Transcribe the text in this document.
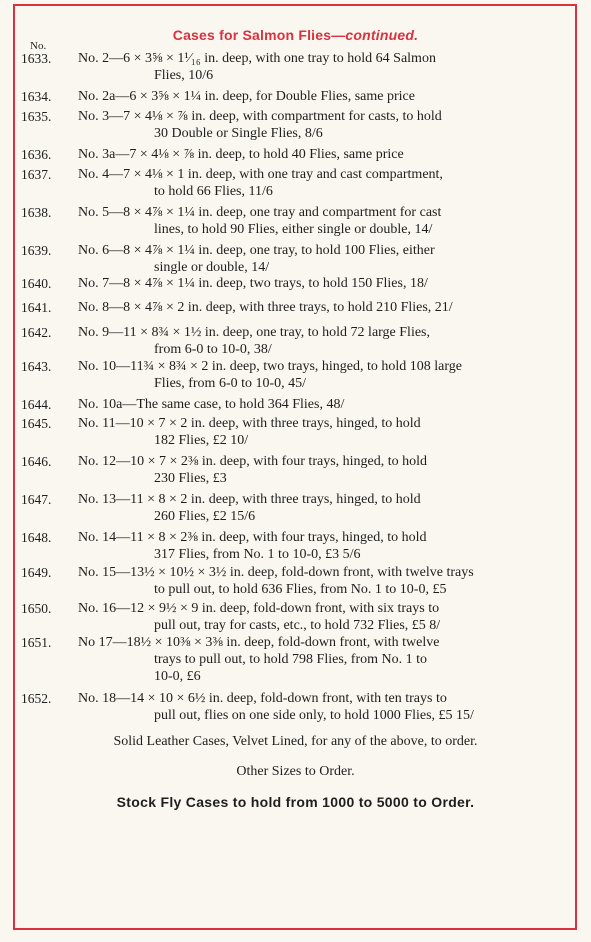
Cases for Salmon Flies—continued.
No.
1633. No. 2—6 × 3⅝ × 1¹⁄₁₆ in. deep, with one tray to hold 64 Salmon
Flies, 10/6
1634. No. 2a—6 × 3⅝ × 1¼ in. deep, for Double Flies, same price
1635. No. 3—7 × 4⅛ × ⅞ in. deep, with compartment for casts, to hold
30 Double or Single Flies, 8/6
1636. No. 3a—7 × 4⅛ × ⅞ in. deep, to hold 40 Flies, same price
1637. No. 4—7 × 4⅛ × 1 in. deep, with one tray and cast compartment,
to hold 66 Flies, 11/6
1638. No. 5—8 × 4⅞ × 1¼ in. deep, one tray and compartment for cast
lines, to hold 90 Flies, either single or double, 14/
1639. No. 6—8 × 4⅞ × 1¼ in. deep, one tray, to hold 100 Flies, either
single or double, 14/
1640. No. 7—8 × 4⅞ × 1¼ in. deep, two trays, to hold 150 Flies, 18/
1641. No. 8—8 × 4⅞ × 2 in. deep, with three trays, to hold 210 Flies, 21/
1642. No. 9—11 × 8¾ × 1½ in. deep, one tray, to hold 72 large Flies,
from 6-0 to 10-0, 38/
1643. No. 10—11¾ × 8¾ × 2 in. deep, two trays, hinged, to hold 108 large
Flies, from 6-0 to 10-0, 45/
1644. No. 10a—The same case, to hold 364 Flies, 48/
1645. No. 11—10 × 7 × 2 in. deep, with three trays, hinged, to hold
182 Flies, £2 10/
1646. No. 12—10 × 7 × 2⅜ in. deep, with four trays, hinged, to hold
230 Flies, £3
1647. No. 13—11 × 8 × 2 in. deep, with three trays, hinged, to hold
260 Flies, £2 15/6
1648. No. 14—11 × 8 × 2⅜ in. deep, with four trays, hinged, to hold
317 Flies, from No. 1 to 10-0, £3 5/6
1649. No. 15—13½ × 10½ × 3½ in. deep, fold-down front, with twelve trays
to pull out, to hold 636 Flies, from No. 1 to 10-0, £5
1650. No. 16—12 × 9½ × 9 in. deep, fold-down front, with six trays to
pull out, tray for casts, etc., to hold 732 Flies, £5 8/
1651. No 17—18½ × 10⅜ × 3⅜ in. deep, fold-down front, with twelve
trays to pull out, to hold 798 Flies, from No. 1 to
10-0, £6
1652. No. 18—14 × 10 × 6½ in. deep, fold-down front, with ten trays to
pull out, flies on one side only, to hold 1000 Flies, £5 15/
Solid Leather Cases, Velvet Lined, for any of the above, to order.
Other Sizes to Order.
Stock Fly Cases to hold from 1000 to 5000 to Order.
